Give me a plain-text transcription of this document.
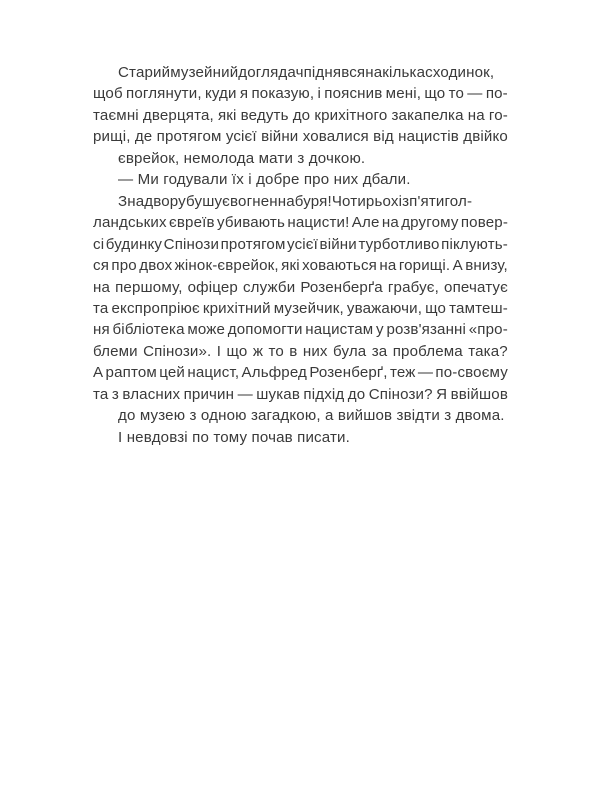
Стариймузейнийдоглядачпіднявсянакількасходинок,
щоб поглянути, куди я показую, і пояснив мені, що то — по-
таємні дверцята, які ведуть до крихітного закапелка на го-
рищі, де протягом усієї війни ховалися від нацистів двійко
єврейок, немолода мати з дочкою.

— Ми годували їх і добре про них дбали.

Знадворубушуєвогненнабуря!Чотирьохізп'ятигол-
ландських євреїв убивають нацисти! Але на другому повер-
сі будинку Спінози протягом усієї війни турботливо піклують-
ся про двох жінок-єврейок, які ховаються на горищі. А внизу,
на першому, офіцер служби Розенберґа грабує, опечатує
та експропріює крихітний музейчик, уважаючи, що тамтеш-
ня бібліотека може допомогти нацистам у розв'язанні «про-
блеми Спінози». І що ж то в них була за проблема така?
А раптом цей нацист, Альфред Розенберґ, теж — по-своєму
та з власних причин — шукав підхід до Спінози? Я ввійшов
до музею з одною загадкою, а вийшов звідти з двома.

І невдовзі по тому почав писати.
